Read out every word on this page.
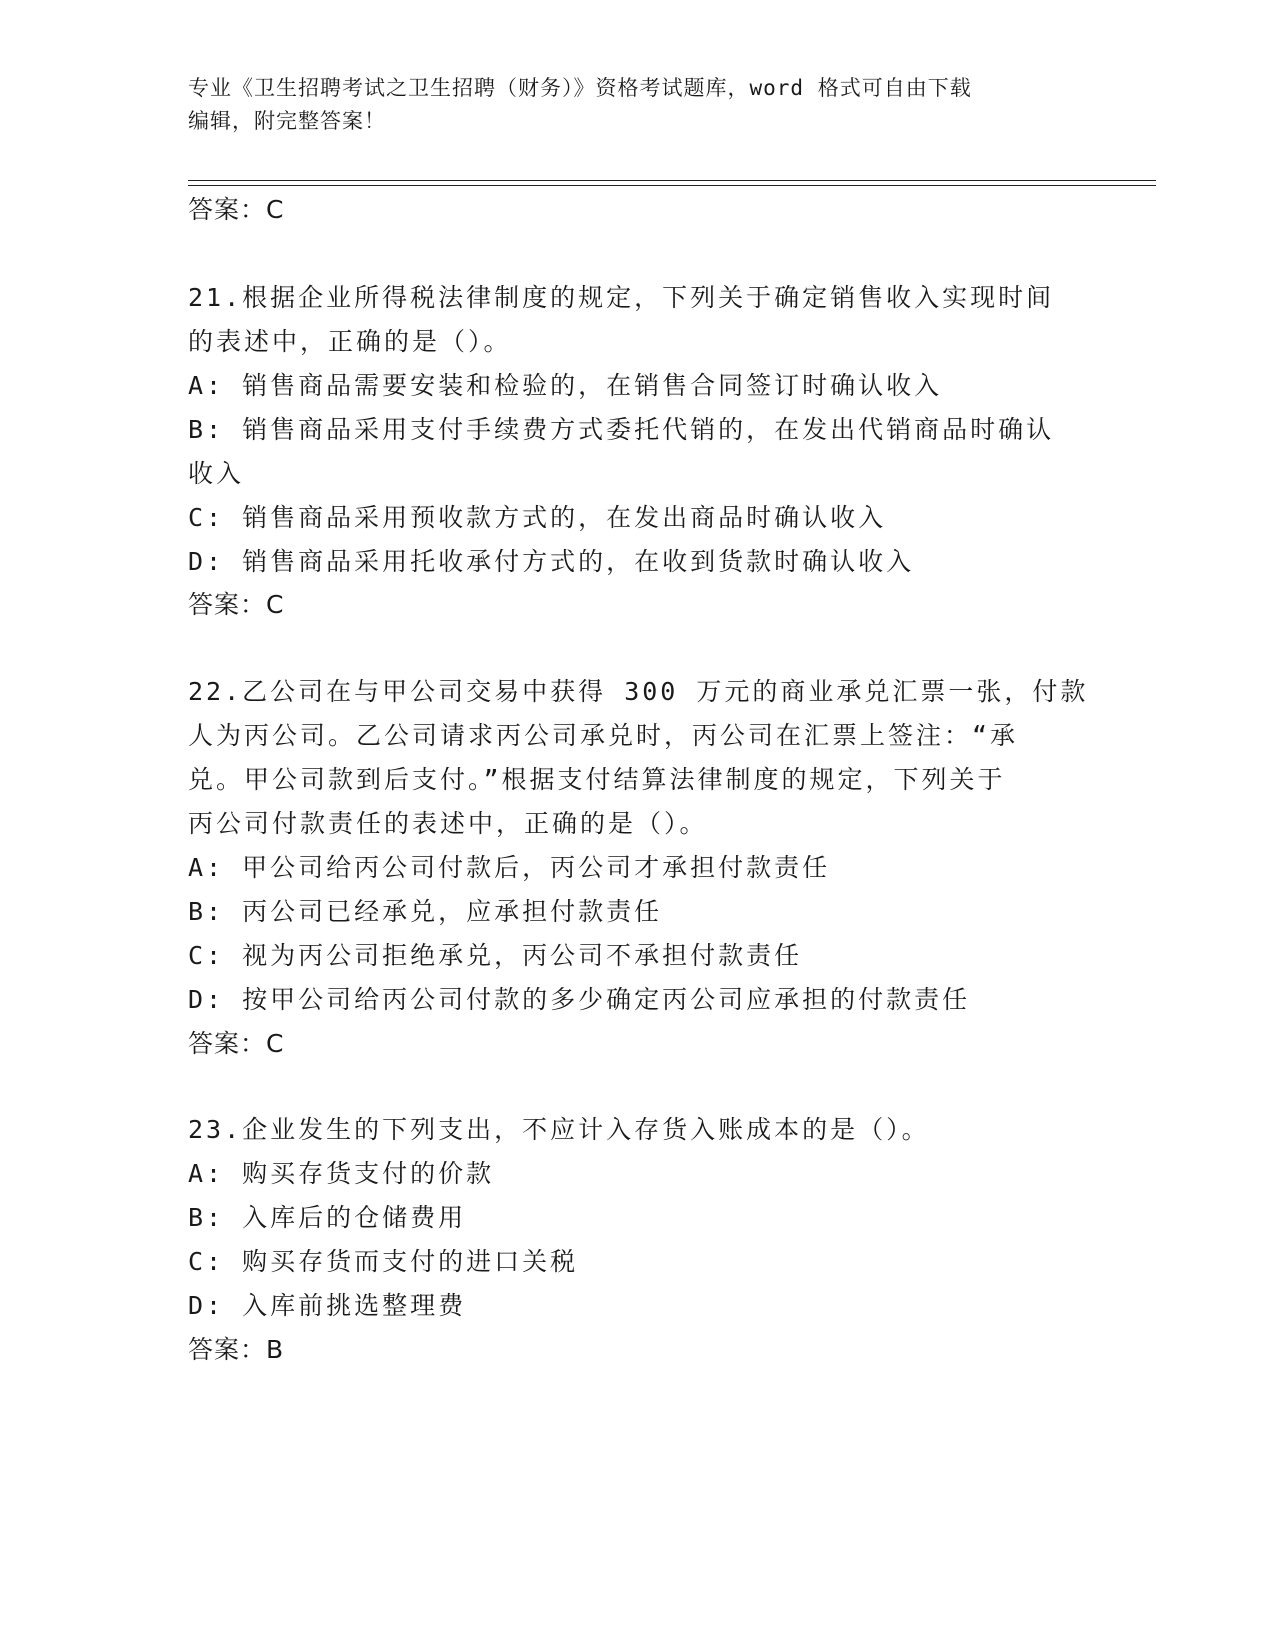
专业《卫生招聘考试之卫生招聘（财务）》资格考试题库，word 格式可自由下载

编辑，附完整答案！

答案：C

21.根据企业所得税法律制度的规定，下列关于确定销售收入实现时间

的表述中，正确的是（）。

A: 销售商品需要安装和检验的，在销售合同签订时确认收入

B: 销售商品采用支付手续费方式委托代销的，在发出代销商品时确认

收入

C: 销售商品采用预收款方式的，在发出商品时确认收入

D: 销售商品采用托收承付方式的，在收到货款时确认收入

答案：C

22.乙公司在与甲公司交易中获得 300 万元的商业承兑汇票一张，付款

人为丙公司。乙公司请求丙公司承兑时，丙公司在汇票上签注：“承

兑。甲公司款到后支付。”根据支付结算法律制度的规定，下列关于

丙公司付款责任的表述中，正确的是（）。

A: 甲公司给丙公司付款后，丙公司才承担付款责任

B: 丙公司已经承兑，应承担付款责任

C: 视为丙公司拒绝承兑，丙公司不承担付款责任

D: 按甲公司给丙公司付款的多少确定丙公司应承担的付款责任

答案：C

23.企业发生的下列支出，不应计入存货入账成本的是（）。

A: 购买存货支付的价款

B: 入库后的仓储费用

C: 购买存货而支付的进口关税

D: 入库前挑选整理费

答案：B
